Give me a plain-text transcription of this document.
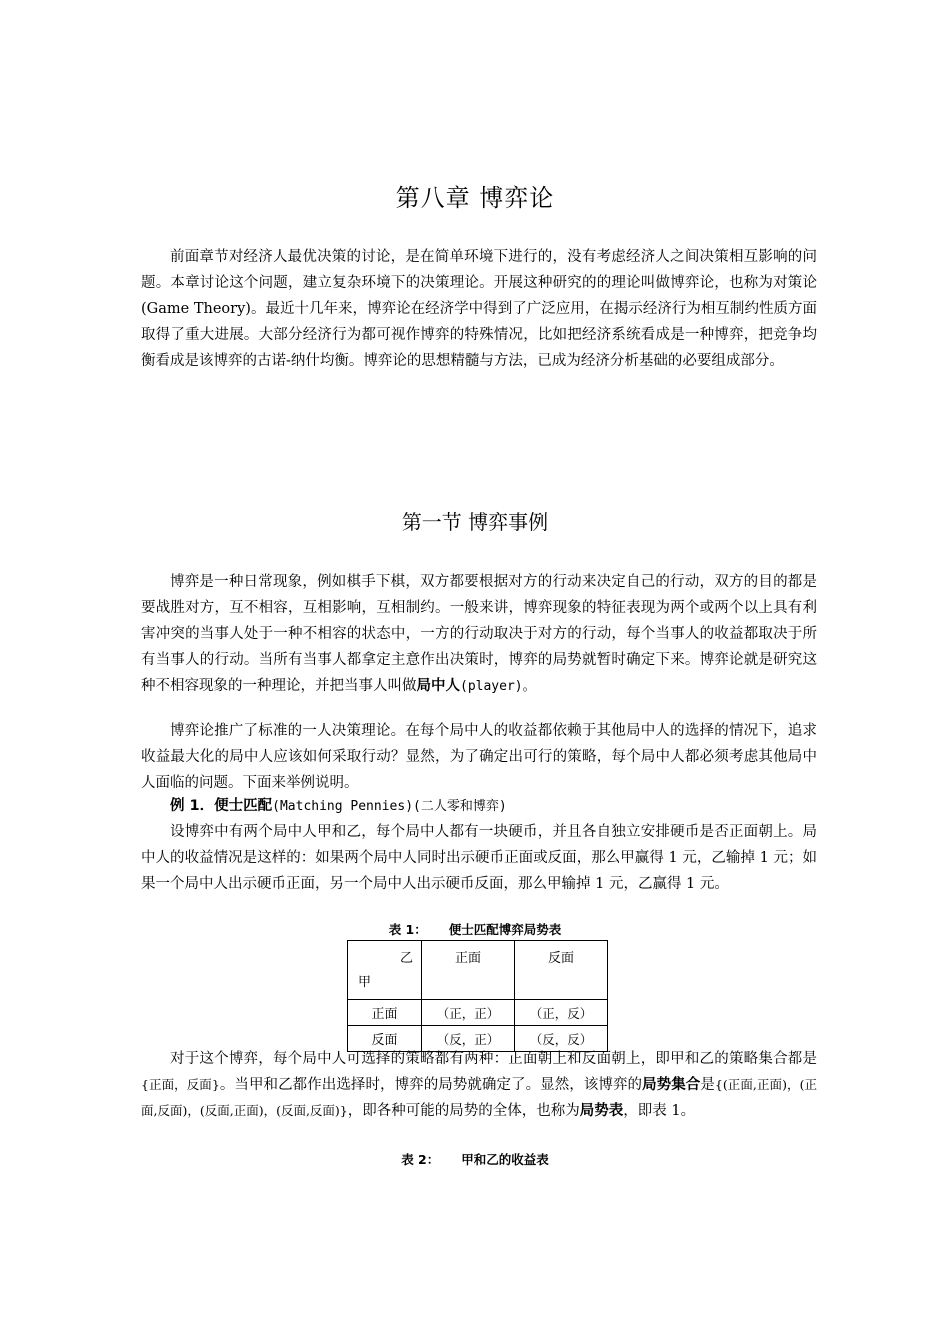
第八章 博弈论

前面章节对经济人最优决策的讨论，是在简单环境下进行的，没有考虑经济人之间决策相互影响的问题。本章讨论这个问题，建立复杂环境下的决策理论。开展这种研究的的理论叫做博弈论，也称为对策论(Game Theory)。最近十几年来，博弈论在经济学中得到了广泛应用，在揭示经济行为相互制约性质方面取得了重大进展。大部分经济行为都可视作博弈的特殊情况，比如把经济系统看成是一种博弈，把竞争均衡看成是该博弈的古诺-纳什均衡。博弈论的思想精髓与方法，已成为经济分析基础的必要组成部分。

第一节 博弈事例

博弈是一种日常现象，例如棋手下棋，双方都要根据对方的行动来决定自己的行动，双方的目的都是要战胜对方，互不相容，互相影响，互相制约。一般来讲，博弈现象的特征表现为两个或两个以上具有利害冲突的当事人处于一种不相容的状态中，一方的行动取决于对方的行动，每个当事人的收益都取决于所有当事人的行动。当所有当事人都拿定主意作出决策时，博弈的局势就暂时确定下来。博弈论就是研究这种不相容现象的一种理论，并把当事人叫做局中人(player)。

博弈论推广了标准的一人决策理论。在每个局中人的收益都依赖于其他局中人的选择的情况下，追求收益最大化的局中人应该如何采取行动？显然，为了确定出可行的策略，每个局中人都必须考虑其他局中人面临的问题。下面来举例说明。

例 1．便士匹配(Matching Pennies)(二人零和博弈)

设博弈中有两个局中人甲和乙，每个局中人都有一块硬币，并且各自独立安排硬币是否正面朝上。局中人的收益情况是这样的：如果两个局中人同时出示硬币正面或反面，那么甲赢得 1 元，乙输掉 1 元；如果一个局中人出示硬币正面，另一个局中人出示硬币反面，那么甲输掉 1 元，乙赢得 1 元。

表 1： 便士匹配博弈局势表
乙
甲	正面	反面
正面	（正，正）	（正，反）
反面	（反，正）	（反，反）

对于这个博弈，每个局中人可选择的策略都有两种：正面朝上和反面朝上，即甲和乙的策略集合都是{正面，反面}。当甲和乙都作出选择时，博弈的局势就确定了。显然，该博弈的局势集合是{(正面,正面)，(正面,反面)，(反面,正面)，(反面,反面)}，即各种可能的局势的全体，也称为局势表，即表 1。

表 2： 甲和乙的收益表
